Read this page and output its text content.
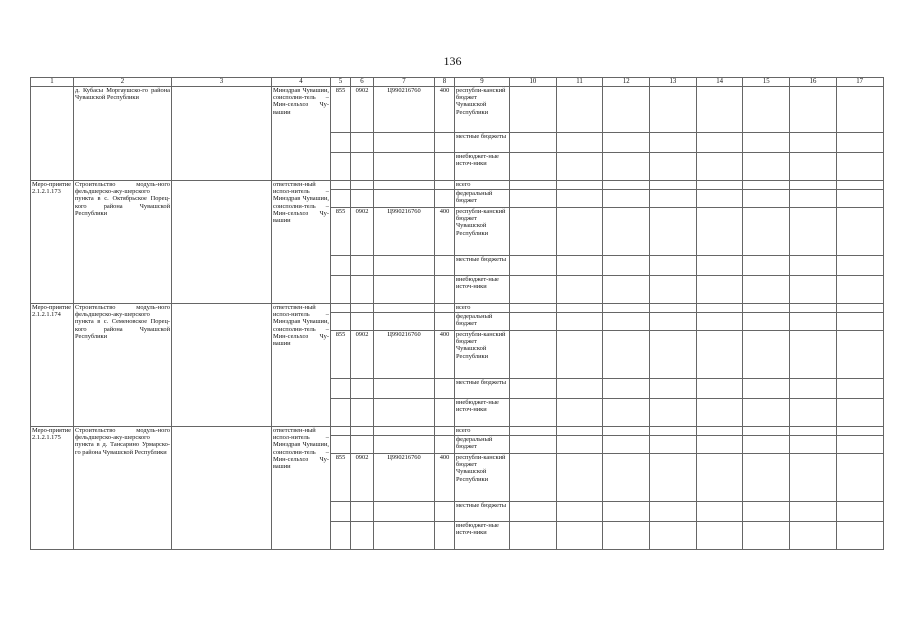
136
1	2	3	4	5	6	7	8	9	10	11	12	13	14	15	16	17
	д. Кубасы Моргаушско-го района Чувашской Республики		Минздрав Чувашии, соисполни-тель – Мин-сельхоз Чу-вашии	855	0902	Ц990216760	400	республи-канский бюджет Чувашской Республики								
								местные бюджеты								
								внебюджет-ные источ-ники								
Меро-приятие 2.1.2.1.173	Строительство модуль-ного фельдшерско-аку-шерского пункта в с. Октябрьское Порец-кого района Чувашской Республики		ответствен-ный испол-нитель – Минздрав Чувашии, соисполни-тель – Мин-сельхоз Чу-вашии					всего								
								федеральный бюджет								
				855	0902	Ц990216760	400	республи-канский бюджет Чувашской Республики								
								местные бюджеты								
								внебюджет-ные источ-ники								
Меро-приятие 2.1.2.1.174	Строительство модуль-ного фельдшерско-аку-шерского пункта в с. Семеновское Порец-кого района Чувашской Республики		ответствен-ный испол-нитель – Минздрав Чувашии, соисполни-тель – Мин-сельхоз Чу-вашии					всего								
								федеральный бюджет								
				855	0902	Ц990216760	400	республи-канский бюджет Чувашской Республики								
								местные бюджеты								
								внебюджет-ные источ-ники								
Меро-приятие 2.1.2.1.175	Строительство модуль-ного фельдшерско-аку-шерского пункта в д. Тансарино Урмарско-го района Чувашской Республики		ответствен-ный испол-нитель – Минздрав Чувашии, соисполни-тель – Мин-сельхоз Чу-вашии					всего								
								федеральный бюджет								
				855	0902	Ц990216760	400	республи-канский бюджет Чувашской Республики								
								местные бюджеты								
								внебюджет-ные источ-ники								
